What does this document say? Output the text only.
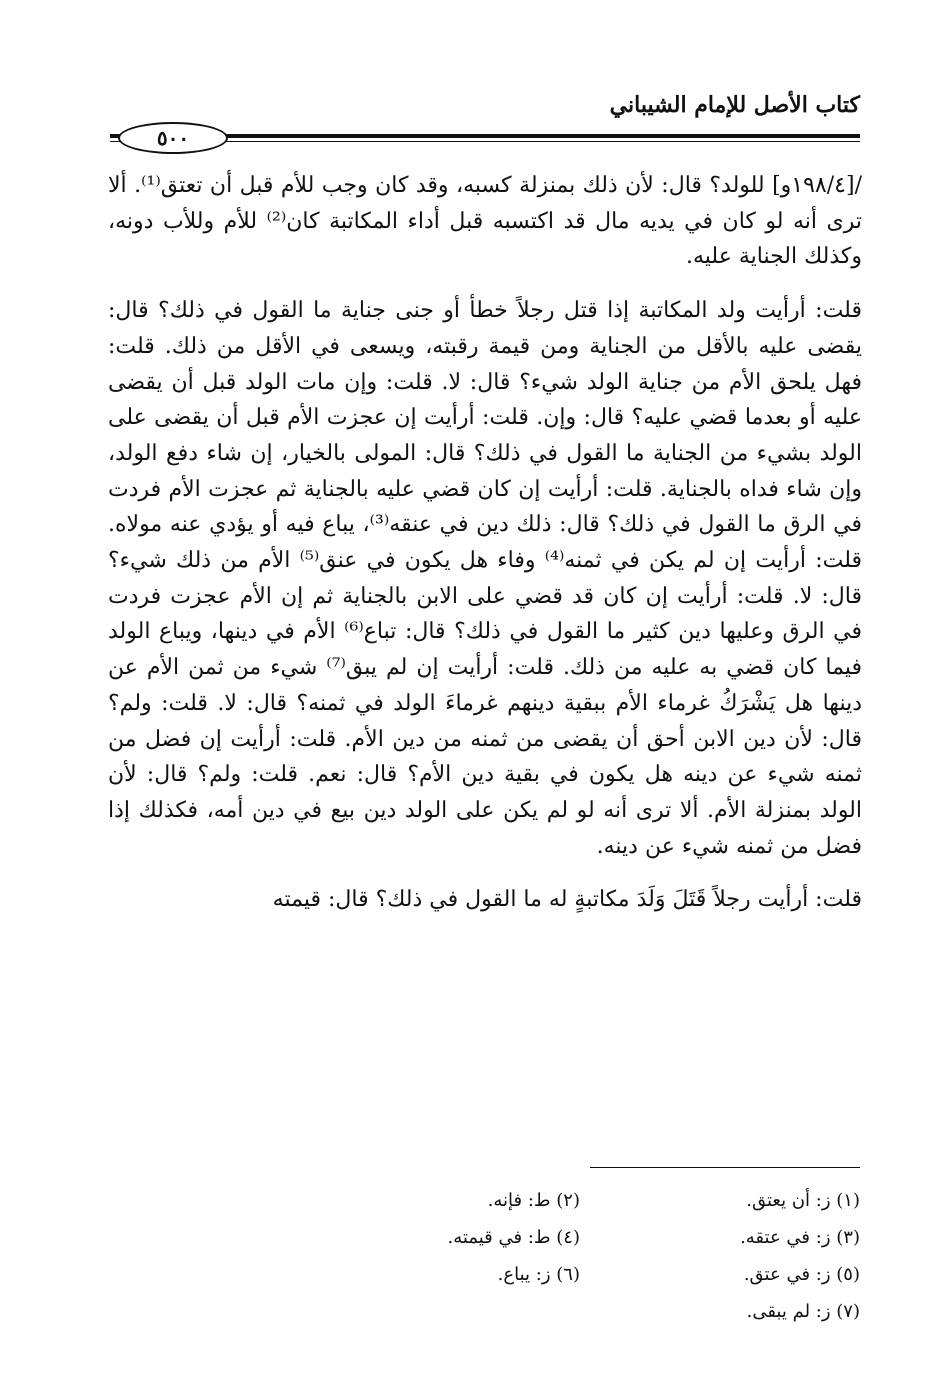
كتاب الأصل للإمام الشيباني
٥٠٠

/[١٩٨/٤و] للولد؟ قال: لأن ذلك بمنزلة كسبه، وقد كان وجب للأم قبل أن تعتق⁽¹⁾. ألا ترى أنه لو كان في يديه مال قد اكتسبه قبل أداء المكاتبة كان⁽²⁾ للأم وللأب دونه، وكذلك الجناية عليه.

قلت: أرأيت ولد المكاتبة إذا قتل رجلاً خطأ أو جنى جناية ما القول في ذلك؟ قال: يقضى عليه بالأقل من الجناية ومن قيمة رقبته، ويسعى في الأقل من ذلك. قلت: فهل يلحق الأم من جناية الولد شيء؟ قال: لا. قلت: وإن مات الولد قبل أن يقضى عليه أو بعدما قضي عليه؟ قال: وإن. قلت: أرأيت إن عجزت الأم قبل أن يقضى على الولد بشيء من الجناية ما القول في ذلك؟ قال: المولى بالخيار، إن شاء دفع الولد، وإن شاء فداه بالجناية. قلت: أرأيت إن كان قضي عليه بالجناية ثم عجزت الأم فردت في الرق ما القول في ذلك؟ قال: ذلك دين في عنقه⁽³⁾، يباع فيه أو يؤدي عنه مولاه. قلت: أرأيت إن لم يكن في ثمنه⁽⁴⁾ وفاء هل يكون في عنق⁽⁵⁾ الأم من ذلك شيء؟ قال: لا. قلت: أرأيت إن كان قد قضي على الابن بالجناية ثم إن الأم عجزت فردت في الرق وعليها دين كثير ما القول في ذلك؟ قال: تباع⁽⁶⁾ الأم في دينها، ويباع الولد فيما كان قضي به عليه من ذلك. قلت: أرأيت إن لم يبق⁽⁷⁾ شيء من ثمن الأم عن دينها هل يَشْرَكُ غرماء الأم ببقية دينهم غرماءَ الولد في ثمنه؟ قال: لا. قلت: ولم؟ قال: لأن دين الابن أحق أن يقضى من ثمنه من دين الأم. قلت: أرأيت إن فضل من ثمنه شيء عن دينه هل يكون في بقية دين الأم؟ قال: نعم. قلت: ولم؟ قال: لأن الولد بمنزلة الأم. ألا ترى أنه لو لم يكن على الولد دين بيع في دين أمه، فكذلك إذا فضل من ثمنه شيء عن دينه.

قلت: أرأيت رجلاً قَتَلَ وَلَدَ مكاتبةٍ له ما القول في ذلك؟ قال: قيمته

(١) ز: أن يعتق.
(٢) ط: فإنه.
(٣) ز: في عتقه.
(٤) ط: في قيمته.
(٥) ز: في عتق.
(٦) ز: يباع.
(٧) ز: لم يبقى.
